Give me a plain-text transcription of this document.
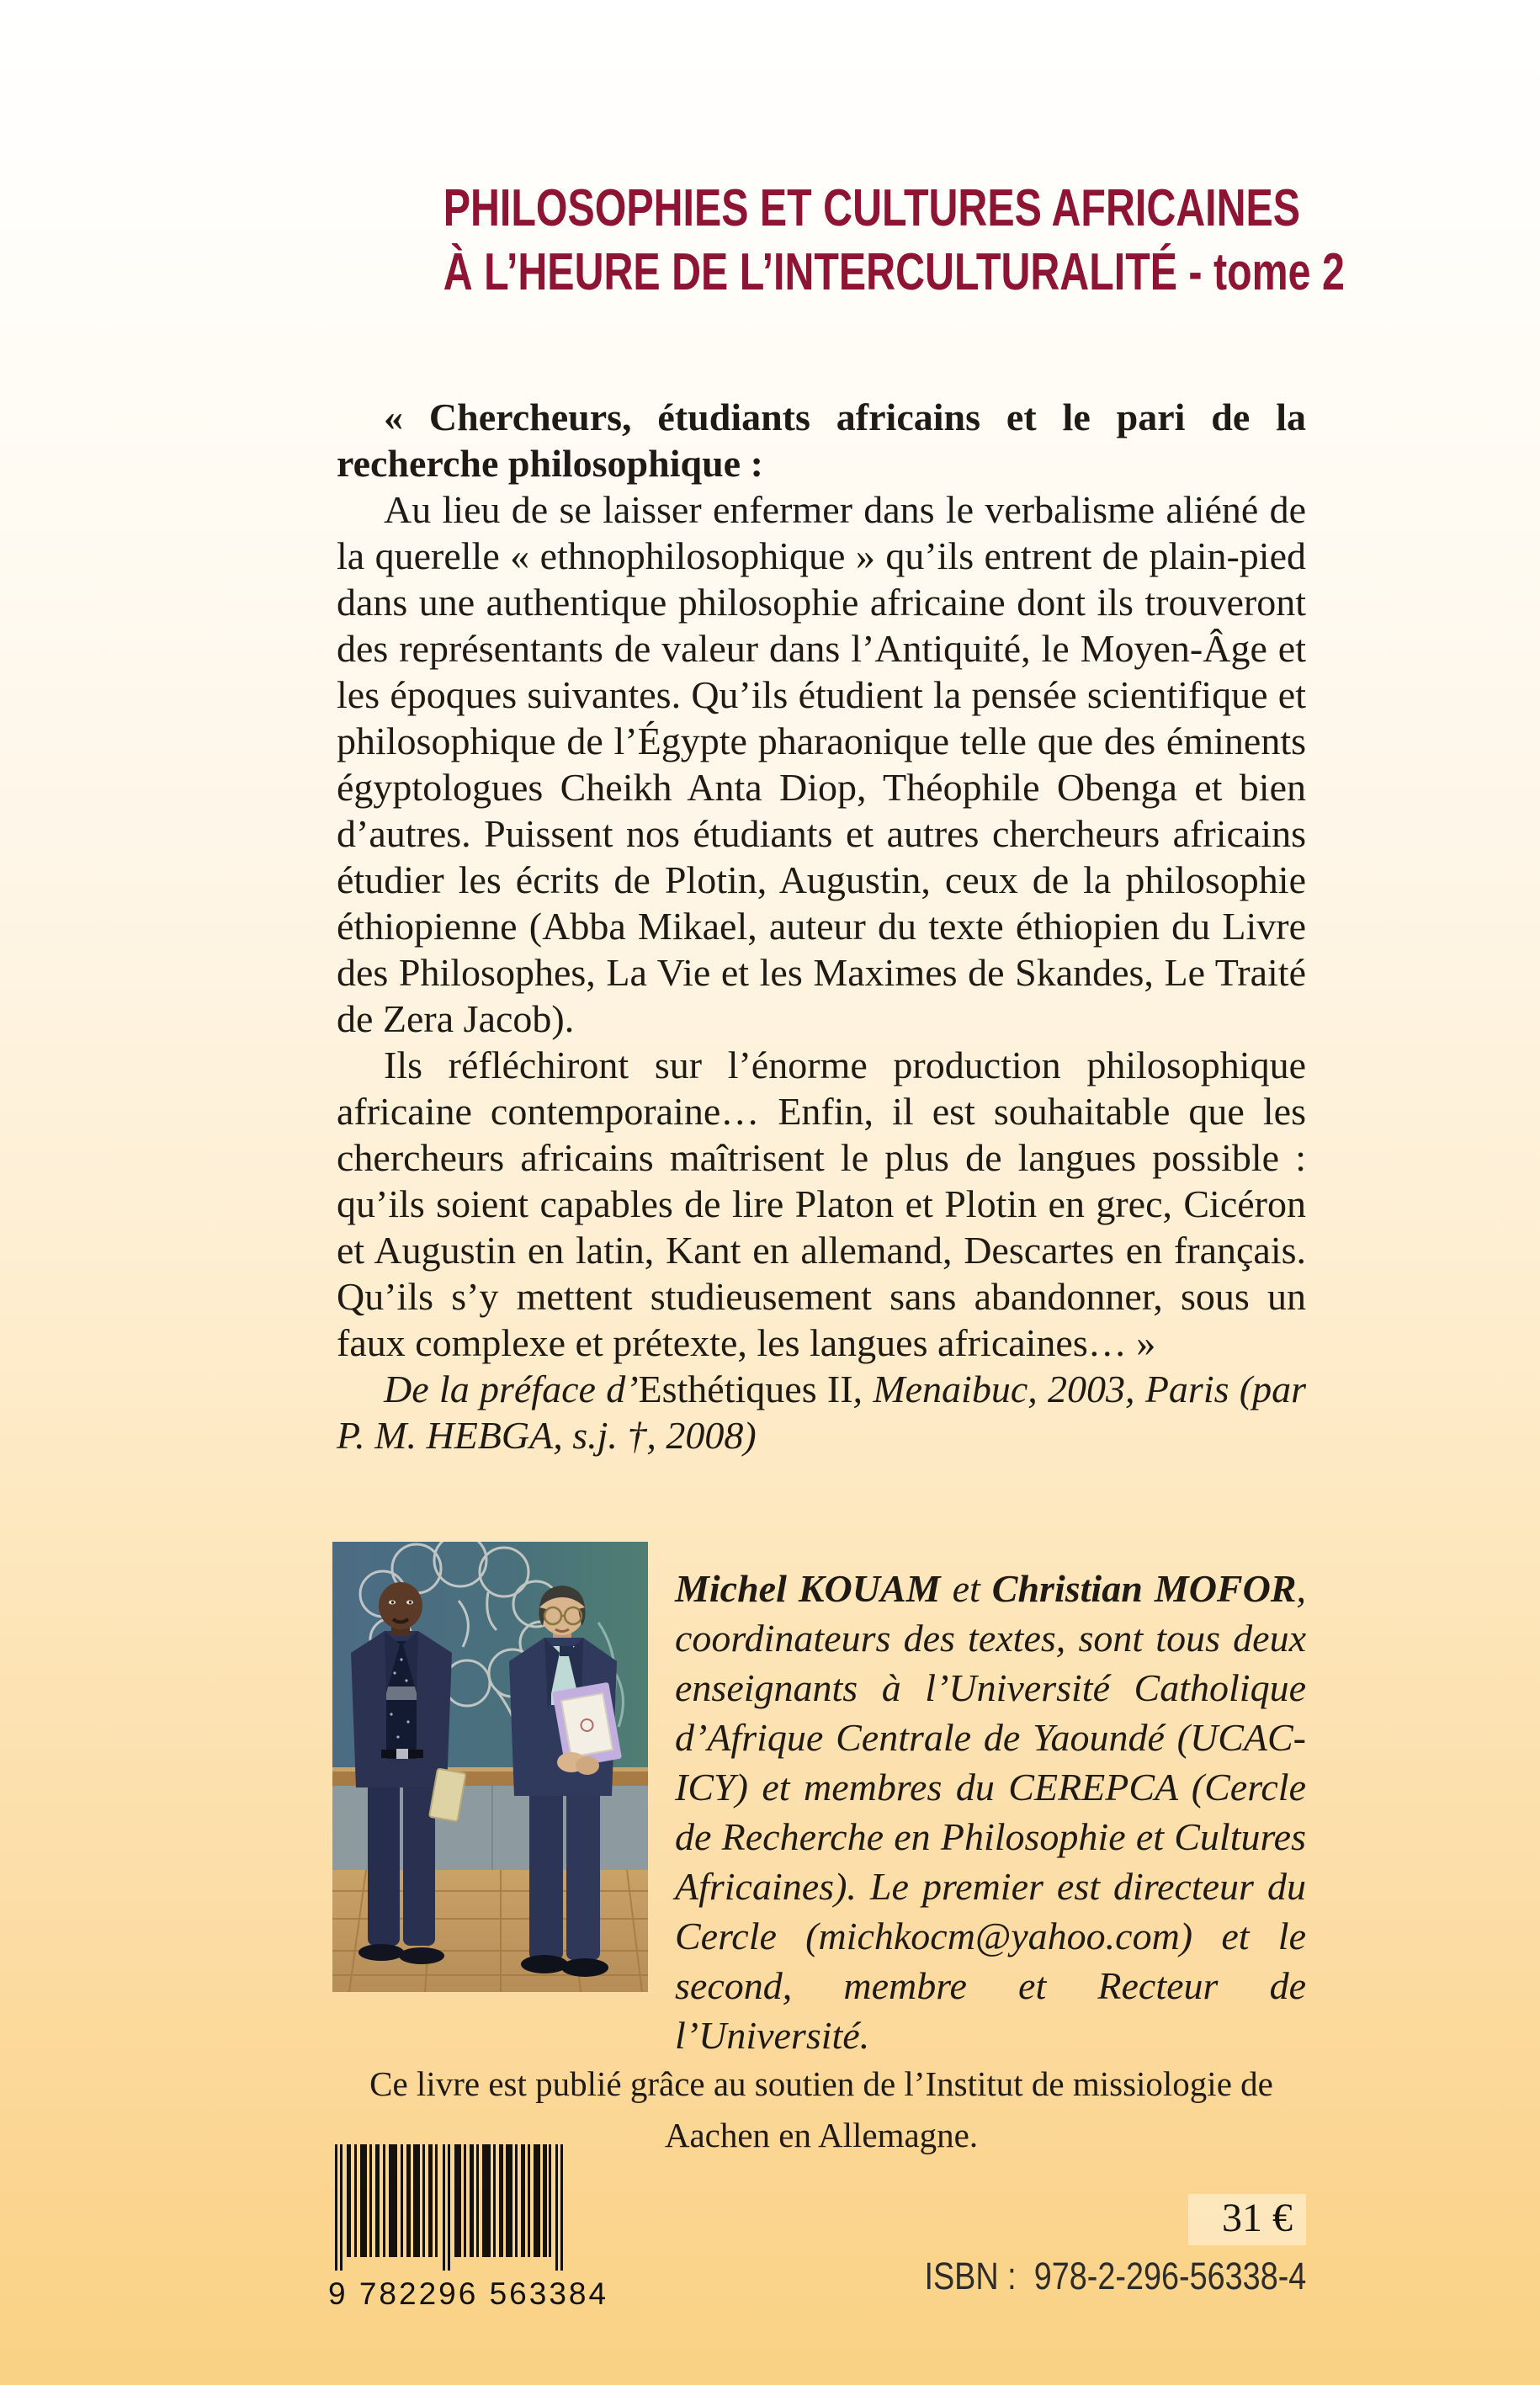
PHILOSOPHIES ET CULTURES AFRICAINES
À L’HEURE DE L’INTERCULTURALITÉ - tome 2

« Chercheurs, étudiants africains et le pari de la recherche philosophique :

Au lieu de se laisser enfermer dans le verbalisme aliéné de la querelle « ethnophilosophique » qu’ils entrent de plain-pied dans une authentique philosophie africaine dont ils trouveront des représentants de valeur dans l’Antiquité, le Moyen-Âge et les époques suivantes. Qu’ils étudient la pensée scientifique et philosophique de l’Égypte pharaonique telle que des éminents égyptologues Cheikh Anta Diop, Théophile Obenga et bien d’autres. Puissent nos étudiants et autres chercheurs africains étudier les écrits de Plotin, Augustin, ceux de la philosophie éthiopienne (Abba Mikael, auteur du texte éthiopien du Livre des Philosophes, La Vie et les Maximes de Skandes, Le Traité de Zera Jacob).

Ils réfléchiront sur l’énorme production philosophique africaine contemporaine… Enfin, il est souhaitable que les chercheurs africains maîtrisent le plus de langues possible : qu’ils soient capables de lire Platon et Plotin en grec, Cicéron et Augustin en latin, Kant en allemand, Descartes en français. Qu’ils s’y mettent studieusement sans abandonner, sous un faux complexe et prétexte, les langues africaines… »

De la préface d’Esthétiques II, Menaibuc, 2003, Paris (par P. M. HEBGA, s.j. †, 2008)

Michel KOUAM et Christian MOFOR, coordinateurs des textes, sont tous deux enseignants à l’Université Catholique d’Afrique Centrale de Yaoundé (UCAC-ICY) et membres du CEREPCA (Cercle de Recherche en Philosophie et Cultures Africaines). Le premier est directeur du Cercle (michkocm@yahoo.com) et le second, membre et Recteur de l’Université.

Ce livre est publié grâce au soutien de l’Institut de missiologie de Aachen en Allemagne.

9 782296 563384
31 €
ISBN :  978-2-296-56338-4
